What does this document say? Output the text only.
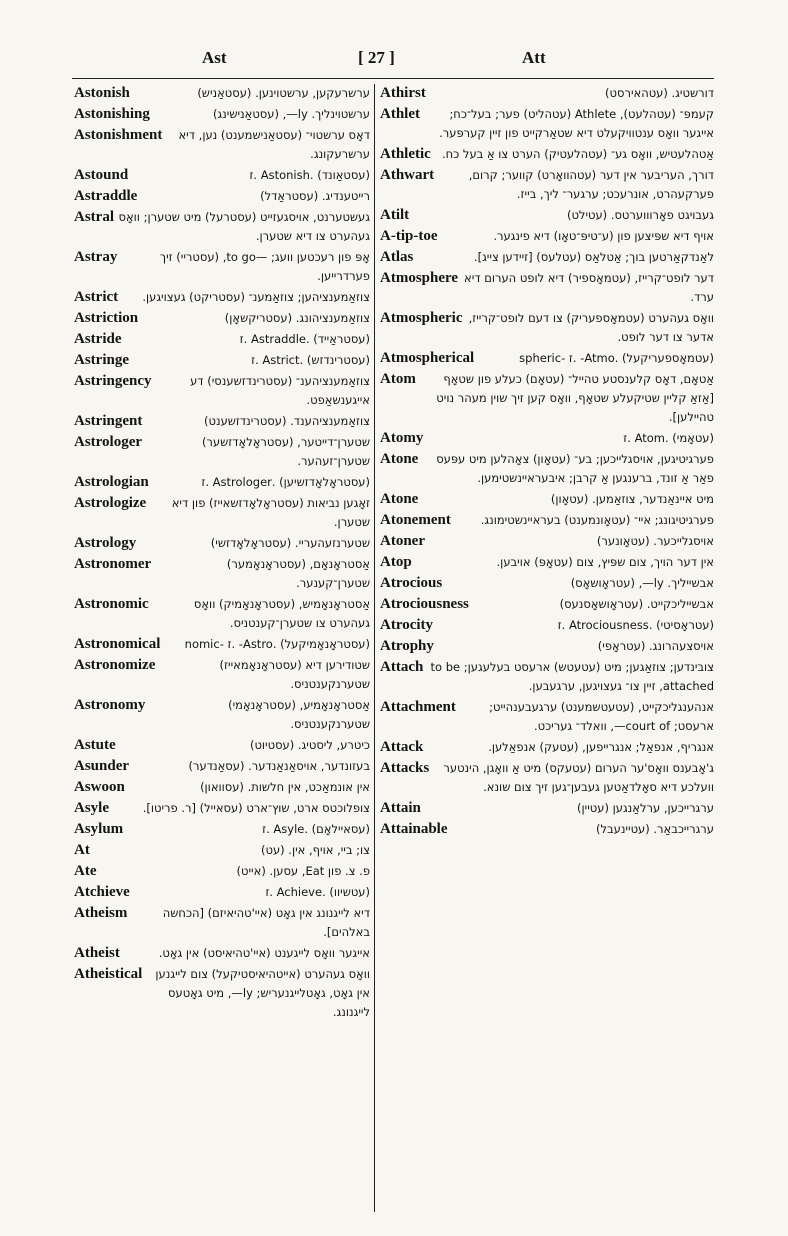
Ast	[ 27 ]	Att
Astonish	ערשרעקען, ערשטוינען. (עסטאַניש)
Astonishing	ערשטוינליך. ly—, (עסטאַנישינג)
Astonishment	דאָס ערשטוי־ (עסטאַנישמענט) נען, דיא ערשרעקונג.
Astound	(עסטאַונד) .Astonish .ז
Astraddle	רייטענדיג. (עסטראַדל)
Astral געשטערנט, אויסגעזייט (עסטרעל) מיט שטערן; וואָס געהערט צו דיא שטערן.
Astray	אָפּ פון רעכטען וועג; —to go, (עסטריי) זיך פערדרייען.
Astrict	צוזאַמענציהען; צוזאַמענ־ (עסטריקט) געצויגען.
Astriction	צוזאַמענציהונג. (עסטריקשאָן)
Astride	(עסטראַייד) .Astraddle .ז
Astringe	(עסטרינדזש) .Astrict .ז
Astringency	צוזאַמענציהענ־ (עסטרינדזשענסי) דע אייגענשאַפט.
Astringent	צוזאַמענציהענד. (עסטרינדזשענט)
Astrologer	שטערן־דייטער, (עסטראָלאָדזשער) שטערן־זעהער.
Astrologian	(עסטראָלאָדזשיען) .Astrologer .ז
Astrologize	זאָגען נביאות (עסטראָלאָדזשאייז) פון דיא שטערן.
Astrology	שטערנזעהעריי. (עסטראָלאָדזשי)
Astronomer	אַסטראָנאָם, (עסטראָנאָמער) שטערן־קענער.
Astronomic	אַסטראָנאָמיש, (עסטראָנאָמיק) וואָס געהערט צו שטערן־קענטניס.
Astronomical	(עסטראָנאָמיקעל) .Astro- .ז -nomic
Astronomize	שטודירען דיא (עסטראָנאָמאייז) שטערנקענטניס.
Astronomy	אַסטראָנאָמיע, (עסטראָנאָמי) שטערנקענטניס.
Astute	כיטרע, ליסטיג. (עסטיוט)
Asunder	בעזונדער, אויסאַנאַנדער. (עסאַנדער)
Aswoon	אין אונמאַכט, אין חלשות. (עסוואון)
Asyle	צופלוכטס ארט, שוץ־ארט (עסאייל) [ר. פריטו].
Asylum	(עסאיילאָם) .Asyle .ז
At	צו; ביי, אויף, אין. (עט)
Ate	פ. צ. פון Eat, עסען. (אייט)
Atchieve	(עטשיוו) .Achieve .ז
Atheism	דיא לייגנונג אין גאָט (איי'טהיאיזם) [הכחשה באלהים].
Atheist	אייגער וואָס לייגענט (איי'טהיאיסט) אין גאָט.
Atheistical	וואָס געהערט (אייטהיאיסטיקעל) צום לייגנען אין גאָט, גאָטלייגנעריש; ly—, מיט גאָטעס לייגנונג.
Athirst	דורשטיג. (עטהאירסט)
Athlet	קעמפּ־ (עטהלעט), Athlete (עטהליט) פער; בעל־כח; אייגער וואָס ענטוויקעלט דיא שטאַרקייט פון זיין קערפּער.
Athletic אַטהלעטיש, וואָס גע־ (עטהלעטיק) הערט צו אַ בעל כח.
Athwart	דורך, העריבער אין דער (עטהוואָרט) קווער; קרום, פערקעהרט, אונרעכט; ערגער־ ליך, בייז.
Atilt	געבויגט פאָרוווערטס. (עטילט)
A-tip-toe	אויף דיא שפּיצען פון (ע־טיפּ־טאָו) דיא פינגער.
Atlas	לאַנדקאַרטען בוך; אַטלאַס (עטלעס) [זיידען צייג].
Atmosphere דער לופט־קרייז, (עטמאָספיר) דיא לופט הערום דיא ערד.
Atmospheric וואָס געהערט (עטמאָספעריק) צו דעם לופט־קרייז, אדער צו דער לופט.
Atmospherical	(עטמאָספעריקעל) .Atmo- .ז -spheric
Atom	אַטאָם, דאָס קלענסטע טהייל־ (עטאָם) כעלע פון שטאָף [אַזאַ קליין שטיקעלע שטאָף, וואָס קען זיך שוין מעהר נויט טהיילען].
Atomy	(עטאָמי) .Atom .ז
Atone	פערגיטיגען, אויסגלייכען; בע־ (עטאָון) צאָהלען מיט עפּעס פאַר אַ זונד, ברענגען אַ קרבן; איבעראיינשטימען.
Atone	מיט איינאַנדער, צוזאַמען. (עטאָון)
Atonement	פערגיטיגונג; איי־ (עטאָונמענט) בעראיינשטימונג.
Atoner	אויסגלייכער. (עטאָונער)
Atop	אין דער הויך, צום שפּיץ, צום (עטאָפּ) אויבען.
Atrocious	אבשייליך. ly—, (עטראָושאָס)
Atrociousness	אבשייליכקייט. (עטראָושאָסנעס)
Atrocity	(עטראָסיטי) .Atrociousness .ז
Atrophy	אויסצעהרונג. (עטראָפי)
Attach צובינדען; צוזאַגען; מיט (עטעטש) ארעסט בעלעגען; to be attached, זיין צו־ געצויגען, ערגעבען.
Attachment	אנהענגליכקייט, (עטעטשמענט) ערגעבענהייט; ארעסט; court of—, וואלד־ געריכט.
Attack	אנגריף, אנפאַל; אנגרייפען, (עטעק) אנפאַלען.
Attacks	ג'אָבענס וואָס'ער הערום (עטעקס) מיט אַ וואָגן, הינטער וועלכע דיא סאָלדאַטען געבען־גען זיך צום שונא.
Attain	ערגרייכען, ערלאַנגען (עטיין)
Attainable	ערגרייכבאַר. (עטיינעבל)
